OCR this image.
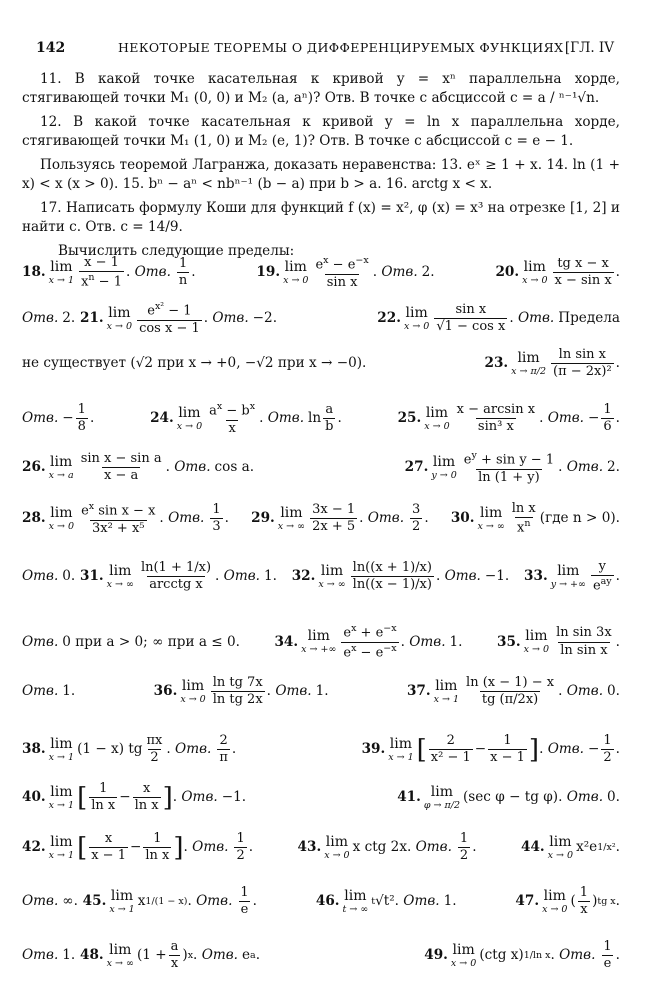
142	НЕКОТОРЫЕ ТЕОРЕМЫ О ДИФФЕРЕНЦИРУЕМЫХ ФУНКЦИЯХ [ГЛ. IV

11. В какой точке касательная к кривой y = xⁿ параллельна хорде, стягивающей точки M₁ (0, 0) и M₂ (a, aⁿ)? Отв. В точке с абсциссой c = a / ⁿ⁻¹√n.

12. В какой точке касательная к кривой y = ln x параллельна хорде, стягивающей точки M₁ (1, 0) и M₂ (e, 1)? Отв. В точке с абсциссой c = e − 1.

Пользуясь теоремой Лагранжа, доказать неравенства: 13. eˣ ≥ 1 + x. 14. ln (1 + x) < x (x > 0). 15. bⁿ − aⁿ < nbⁿ⁻¹ (b − a) при b > a. 16. arctg x < x.

17. Написать формулу Коши для функций f (x) = x², φ (x) = x³ на отрезке [1, 2] и найти c. Отв. c = 14/9.

Вычислить следующие пределы:

18. lim
$x \to 1 \frac{x - 1}{x^n - 1}$ . Отв. $\frac{1}{n}$ .	19. lim
$x \to 0 \frac{e^x - e^{-x}}{\text{sin x}}$ . Отв. 2.	20. lim
$x \to 0 \frac{\text{tg x − x}}{\text{x − sin x}}$ .
Отв. 2. 21. lim
$x \to 0 \frac{e^{x^2} - 1}{\text{cos x − 1}}$ . Отв. −2.	22. lim
$x \to 0 \frac{\text{sin x}}{\text{√1 − cos x}}$ . Отв. Предела
не существует (√2 при x → +0, −√2 при x → −0).	23. lim
$x \to \pi/2 \frac{\text{ln sin x}}{\text{(π − 2x)²}}$ .
Отв. − $\frac{1}{8}$ .	24. lim
$x \to 0 \frac{a^x - b^x}{x}$ . Отв. $\ln \frac{a}{b}$ .	25. lim
$x \to 0 \frac{\text{x − arcsin x}}{\text{sin³ x}}$ . Отв. − $\frac{1}{6}$ .
26. lim
x → a $\frac{\text{sin x − sin a}}{x - a}$ . Отв. cos a.	27. lim
$y \to 0 \frac{e^y + \sin y - 1}{\ln (1 + y)}$ . Отв. 2.
28. lim
$x \to 0 \frac{e^x \sin x - x}{\text{3x² + x⁵}}$ . Отв. $\frac{1}{3}$ . 29. lim
x → ∞ $\frac{3x - 1}{2x + 5}$ . Отв. $\frac{3}{2}$ . 30. lim
x → ∞ $\frac{\text{ln x}}{x^n} (где$ n > 0).
Отв. 0. 31. lim
x → ∞ $\frac{\ln(1 + 1/x)}{\text{arcctg x}}$ . Отв. 1. 32. lim
x → ∞ $\frac{\ln((x + 1)/x)}{\ln((x - 1)/x)}$ . Отв. −1. 33. lim
y → +∞ $\frac{y}{e^{ay}}$ .
Отв. 0 при a > 0; ∞ при a ≤ 0.	34. lim
x → +∞ $\frac{e^x + e^{-x}}{e^x - e^{-x}}$ . Отв. 1.	35. lim
$x \to 0 \frac{\text{ln sin 3x}}{\text{ln sin x}}$ .
Отв. 1.	36. lim
$x \to 0 \frac{\text{ln tg 7x}}{\text{ln tg 2x}}$ . Отв. 1.	37. lim
$x \to 1 \frac{\ln (x - 1) - x}{tg (\pi/2x)}$ . Отв. 0.
38. lim
x → 1
(1 − x) tg $\frac{\pi x}{2}$ . Отв. $\frac{2}{\pi}$ .	39. lim
x → 1 [ $\frac{2}{\text{x² − 1}} - \frac{1}{x - 1}$ ] . Отв. − $\frac{1}{2}$ .
40. lim
x → 1 [ $\frac{1}{\text{ln x}} - \frac{x}{\text{ln x}}$ ] . Отв. −1.	41. lim
φ → π/2
(sec φ − tg φ). Отв. 0.
42. lim
x → 1 [ $\frac{x}{x - 1} - \frac{1}{\text{ln x}}$ ] . Отв. $\frac{1}{2}$ .	43. lim
x → 0
x ctg 2x. Отв. $\frac{1}{2}$ .	44. lim
x → 0
x²e 1/x² .
Отв. ∞. 45. lim
x → 1
x 1/(1 − x) . Отв. $\frac{1}{e}$ .	46. lim
t → ∞
t √t². Отв. 1.	47. lim
x → 0
( $\frac{1}{x}$ ) tg x .
Отв. 1. 48. lim
x → ∞
($1 + \frac{a}{x}$ ) x . Отв. e a .	49. lim
x → 0
(ctg x) 1/ln x . Отв. $\frac{1}{e}$ .
